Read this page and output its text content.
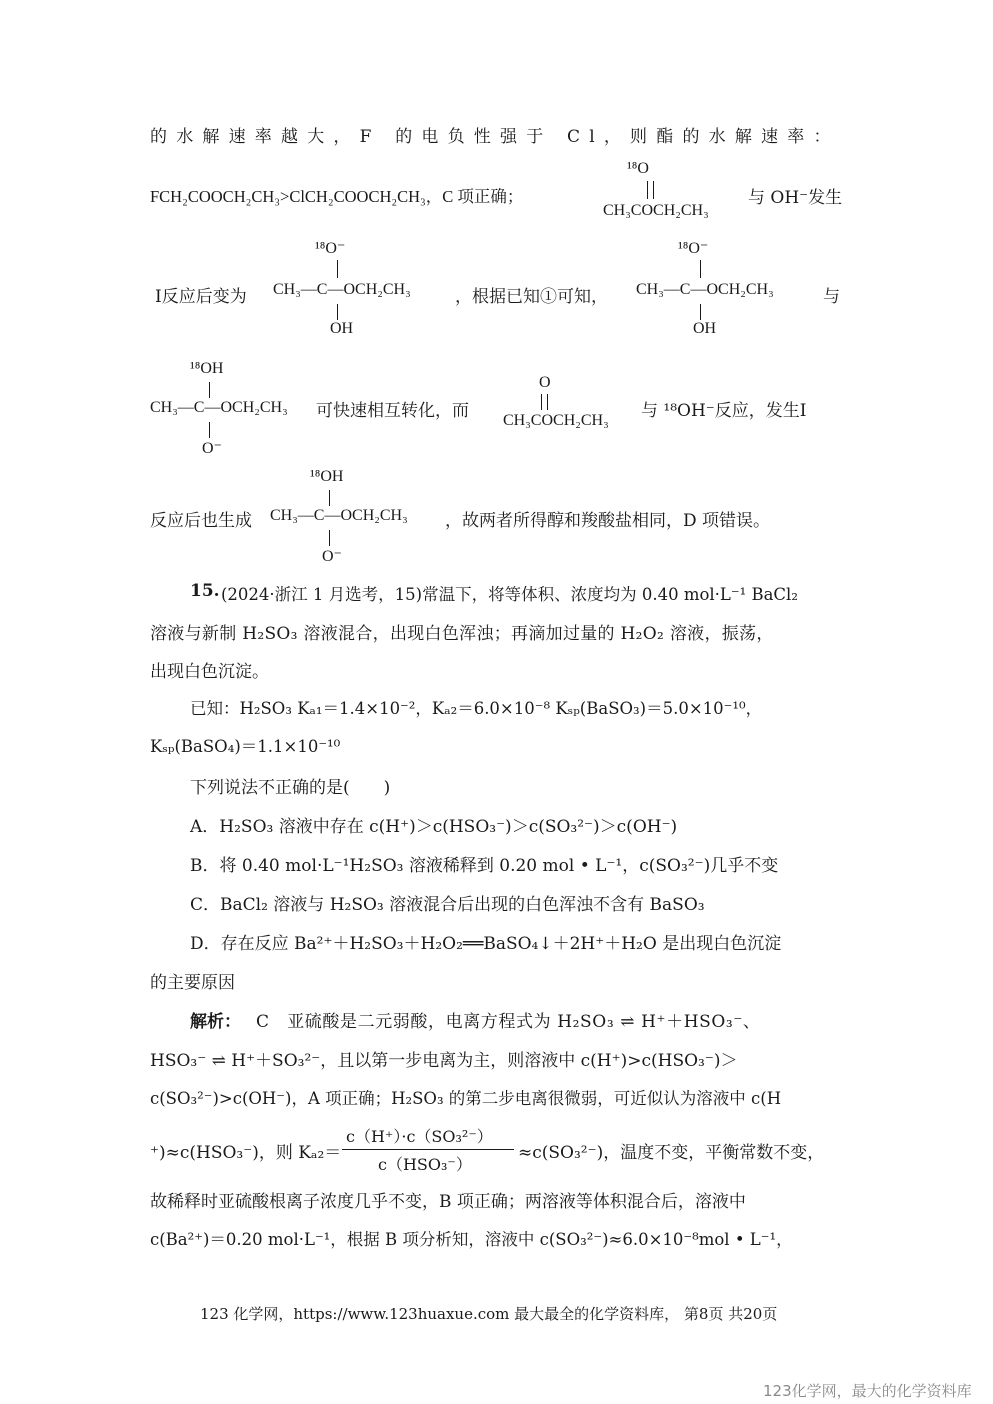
的水解速率越大，F 的电负性强于 Cl，则酯的水解速率：
FCH₂COOCH₂CH₃>ClCH₂COOCH₂CH₃，C 项正确；
¹⁸O
CH₃COCH₂CH₃
与 OH⁻发生
Ⅰ反应后变为
¹⁸O⁻
CH₃—C—OCH₂CH₃
OH
，根据已知①可知，
¹⁸O⁻
CH₃—C—OCH₂CH₃
OH
与
¹⁸OH
CH₃—C—OCH₂CH₃
O⁻
可快速相互转化，而
O
CH₃COCH₂CH₃ 与 ¹⁸OH⁻反应，发生Ⅰ
反应后也生成
¹⁸OH
CH₃—C—OCH₂CH₃
O⁻
，故两者所得醇和羧酸盐相同，D 项错误。
15. (2024·浙江 1 月选考，15)常温下，将等体积、浓度均为 0.40 mol·L⁻¹ BaCl₂
溶液与新制 H₂SO₃ 溶液混合，出现白色浑浊；再滴加过量的 H₂O₂ 溶液，振荡，
出现白色沉淀。
已知：H₂SO₃ Kₐ₁＝1.4×10⁻²，Kₐ₂＝6.0×10⁻⁸ Kₛₚ(BaSO₃)＝5.0×10⁻¹⁰，
Kₛₚ(BaSO₄)＝1.1×10⁻¹⁰
下列说法不正确的是(　　)
A．H₂SO₃ 溶液中存在 c(H⁺)＞c(HSO₃⁻)＞c(SO₃²⁻)＞c(OH⁻)
B．将 0.40 mol·L⁻¹H₂SO₃ 溶液稀释到 0.20 mol • L⁻¹，c(SO₃²⁻)几乎不变
C．BaCl₂ 溶液与 H₂SO₃ 溶液混合后出现的白色浑浊不含有 BaSO₃
D．存在反应 Ba²⁺＋H₂SO₃＋H₂O₂══BaSO₄↓＋2H⁺＋H₂O 是出现白色沉淀
的主要原因
解析： C　亚硫酸是二元弱酸，电离方程式为 H₂SO₃ ⇌ H⁺＋HSO₃⁻、
HSO₃⁻ ⇌ H⁺＋SO₃²⁻，且以第一步电离为主，则溶液中 c(H⁺)>c(HSO₃⁻)＞
c(SO₃²⁻)>c(OH⁻)，A 项正确；H₂SO₃ 的第二步电离很微弱，可近似认为溶液中 c(H
⁺)≈c(HSO₃⁻)，则 Kₐ₂＝
c（H⁺）·c（SO₃²⁻）
c（HSO₃⁻）
≈c(SO₃²⁻)，温度不变，平衡常数不变，
故稀释时亚硫酸根离子浓度几乎不变，B 项正确；两溶液等体积混合后，溶液中
c(Ba²⁺)＝0.20 mol·L⁻¹，根据 B 项分析知，溶液中 c(SO₃²⁻)≈6.0×10⁻⁸mol • L⁻¹，
123 化学网，https://www.123huaxue.com 最大最全的化学资料库， 第8页 共20页
123化学网，最大的化学资料库
